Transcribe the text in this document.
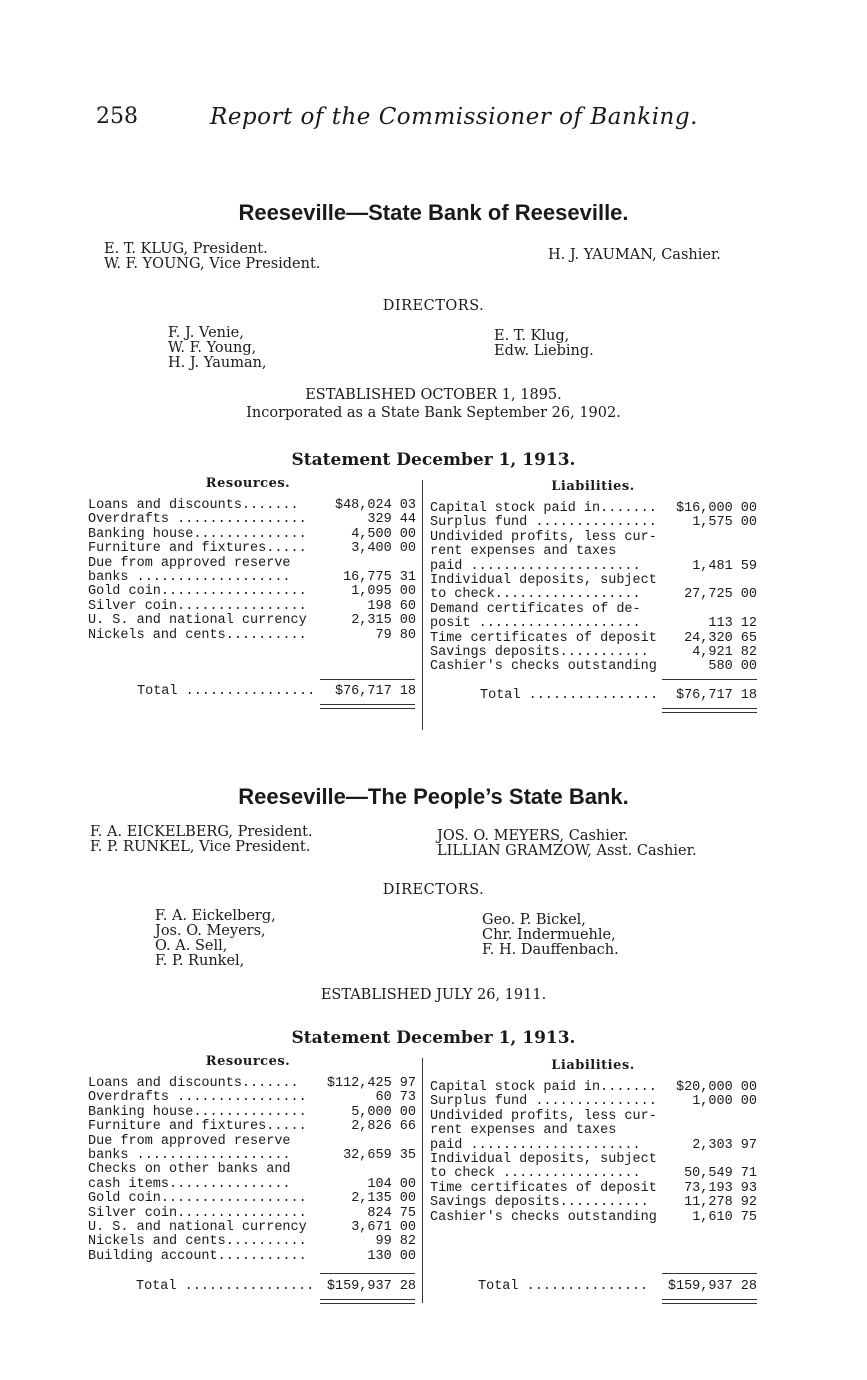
258	Report of the Commissioner of Banking.
Reeseville—State Bank of Reeseville.
E. T. KLUG, President.
W. F. YOUNG, Vice President.
H. J. YAUMAN, Cashier.
DIRECTORS.
F. J. Venie,
W. F. Young,
H. J. Yauman,
E. T. Klug,
Edw. Liebing.
ESTABLISHED OCTOBER 1, 1895.
Incorporated as a State Bank September 26, 1902.
Statement December 1, 1913.
Resources.	Liabilities.
Loans and discounts.......	$48,024 03
Overdrafts ................	329 44
Banking house..............	4,500 00
Furniture and fixtures.....	3,400 00
Due from approved reserve
banks ...................	16,775 31
Gold coin..................	1,095 00
Silver coin................	198 60
U. S. and national currency	2,315 00
Nickels and cents..........	79 80
Capital stock paid in....... $16,000 00
Surplus fund ...............	1,575 00
Undivided profits, less cur-
rent expenses and taxes
paid .....................	1,481 59
Individual deposits, subject
to check..................	27,725 00
Demand certificates of de-
posit ....................	113 12
Time certificates of deposit 24,320 65
Savings deposits...........	4,921 82
Cashier's checks outstanding	580 00
Total ................	$76,717 18	Total ................	$76,717 18
Reeseville—The People’s State Bank.
F. A. EICKELBERG, President.
F. P. RUNKEL, Vice President.
JOS. O. MEYERS, Cashier.
LILLIAN GRAMZOW, Asst. Cashier.
DIRECTORS.
F. A. Eickelberg,
Jos. O. Meyers,
O. A. Sell,
F. P. Runkel,
Geo. P. Bickel,
Chr. Indermuehle,
F. H. Dauffenbach.
ESTABLISHED JULY 26, 1911.
Statement December 1, 1913.
Resources.	Liabilities.
Loans and discounts....... $112,425 97
Overdrafts ................	60 73
Banking house..............	5,000 00
Furniture and fixtures.....	2,826 66
Due from approved reserve
banks ...................	32,659 35
Checks on other banks and
cash items...............	104 00
Gold coin..................	2,135 00
Silver coin................	824 75
U. S. and national currency	3,671 00
Nickels and cents..........	99 82
Building account...........	130 00
Capital stock paid in....... $20,000 00
Surplus fund ...............	1,000 00
Undivided profits, less cur-
rent expenses and taxes
paid .....................	2,303 97
Individual deposits, subject
to check .................	50,549 71
Time certificates of deposit 73,193 93
Savings deposits...........	11,278 92
Cashier's checks outstanding	1,610 75
Total ................ $159,937 28	Total ...............	$159,937 28
